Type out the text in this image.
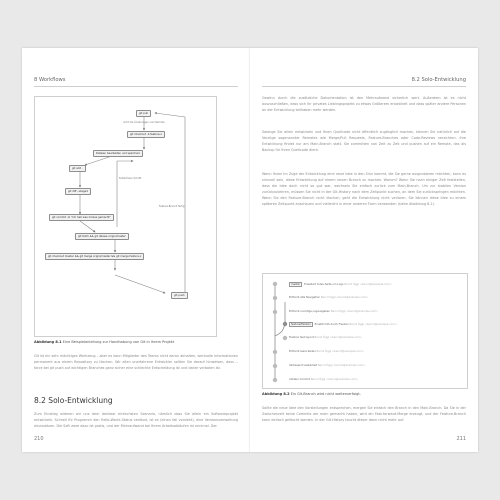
8 Workflows
git pull
nicht die Änderungen vom Remote
git checkout -b feature-x
Dateien bearbeiten und speichern
git add .
Fehlerfreier Schritt
git diff --staged
Feature-Branch fertig
git commit -m "Ich hab was Cooles gemacht"
git fetch && git rebase origin/master
git checkout master && git merge origin/master && git merge feature-x
git push
Abbildung 8.1 Eine Beispielanleitung zur Handhabung von Git in Ihrem Projekt

Git ist ein sehr mächtiges Werkzeug – aber es kann Mitglieder des Teams nicht daran abhalten, wertvolle Informationen permanent aus einem Repository zu löschen. Wir allen unerfahrene Entwickler sollten Sie darauf hinweisen, dass --force bei git push auf wichtigen Branches ganz sicher eine schlechte Entscheidung ist und daher verboten ist.

8.2 Solo-Entwicklung

Zum Einstieg widmen wir uns dem denkbar einfachsten Szenario, nämlich dass Sie allein ein Softwareprojekt entwickeln. Schnell für Programm den Hello-World-Status verlässt, ist es (einen fall vorsieht), eine Versionsverwaltung einzusetzen. Die Soft ware dazu ist gratis, und der Mehraufwand bei Ihrem Arbeitsabläufen ist minimal. Der

210
8.2 Solo-Entwicklung

Gewinn durch die zusätzliche Dokumentation ist den Mehraufwand sicherlich wert. Außerdem ist es nicht auszuschließen, dass sich Ihr privates Lieblingsprojekt zu etwas Größerem entwickelt und dass später andere Personen an der Entwicklung teilhaben mehr werden.

Solange Sie allein entwickeln und Ihren Quellcode nicht öffentlich zugänglich machen, können Sie natürlich auf die Vorzüge sogenannter Remotes wie Merge/Pull Requests, Feature-Branches oder Code-Reviews verzichten. Ihre Entwicklung findet nur am Main-Branch statt. Sie committen von Zeit zu Zeit und pushen auf ein Remote, das als Backup für Ihren Quellcode dient.

Wenn Ihnen im Zuge der Entwicklung eine neue Idee in den Sinn kommt, die Sie gerne ausprobieren möchten, kann es sinnvoll sein, diese Entwicklung auf einem neuen Branch zu machen. Warum? Wenn Sie nach einiger Zeit feststellen, dass die Idee doch nicht so gut war, wechseln Sie einfach zurück zum Main-Branch. Um zur stabilen Version zurückzukehren, müssen Sie nicht in der Git-History nach dem Zeitpunkt suchen, an dem Sie zurückspringen möchten. Wenn Sie den Feature-Branch nicht löschen, geht die Entwicklung nicht verloren. Sie können diese Idee zu einem späteren Zeitpunkt anschauen und vielleicht in einer anderen Form verwenden (siehe Abbildung 8.2).

master Erweitert Index-Seite um Logo Bernd Öggl <bernd@example.com>
Entfernt alte Navigation Bernd Öggl <bernd@example.com>
Entfernt unnötige Logausgaben Bernd Öggl <bernd@example.com>
feature/flexbox Ersetzt CSS durch Flexbox Bernd Öggl <bernd@example.com>
Flexbox test layout Bernd Öggl <bernd@example.com>
Entfernt leere Zeilen Bernd Öggl <bernd@example.com>
Verbessert Lesbarkeit Bernd Öggl <bernd@example.com>
Initialer Commit Bernd Öggl <bernd@example.com>
Abbildung 8.2 Ein Git-Branch wird nicht weiterverfolgt.

Sollte die neue Idee den Vorstellungen entsprechen, mergen Sie einfach den Branch in den Main-Branch. Da Sie in der Zwischenzeit keine Commits am main gemacht haben, wird ein Fast-forward-Merge erzeugt, und der Feature-Branch kann einfach gelöscht werden. In der Git-History taucht dieser dann nicht mehr auf.

211
